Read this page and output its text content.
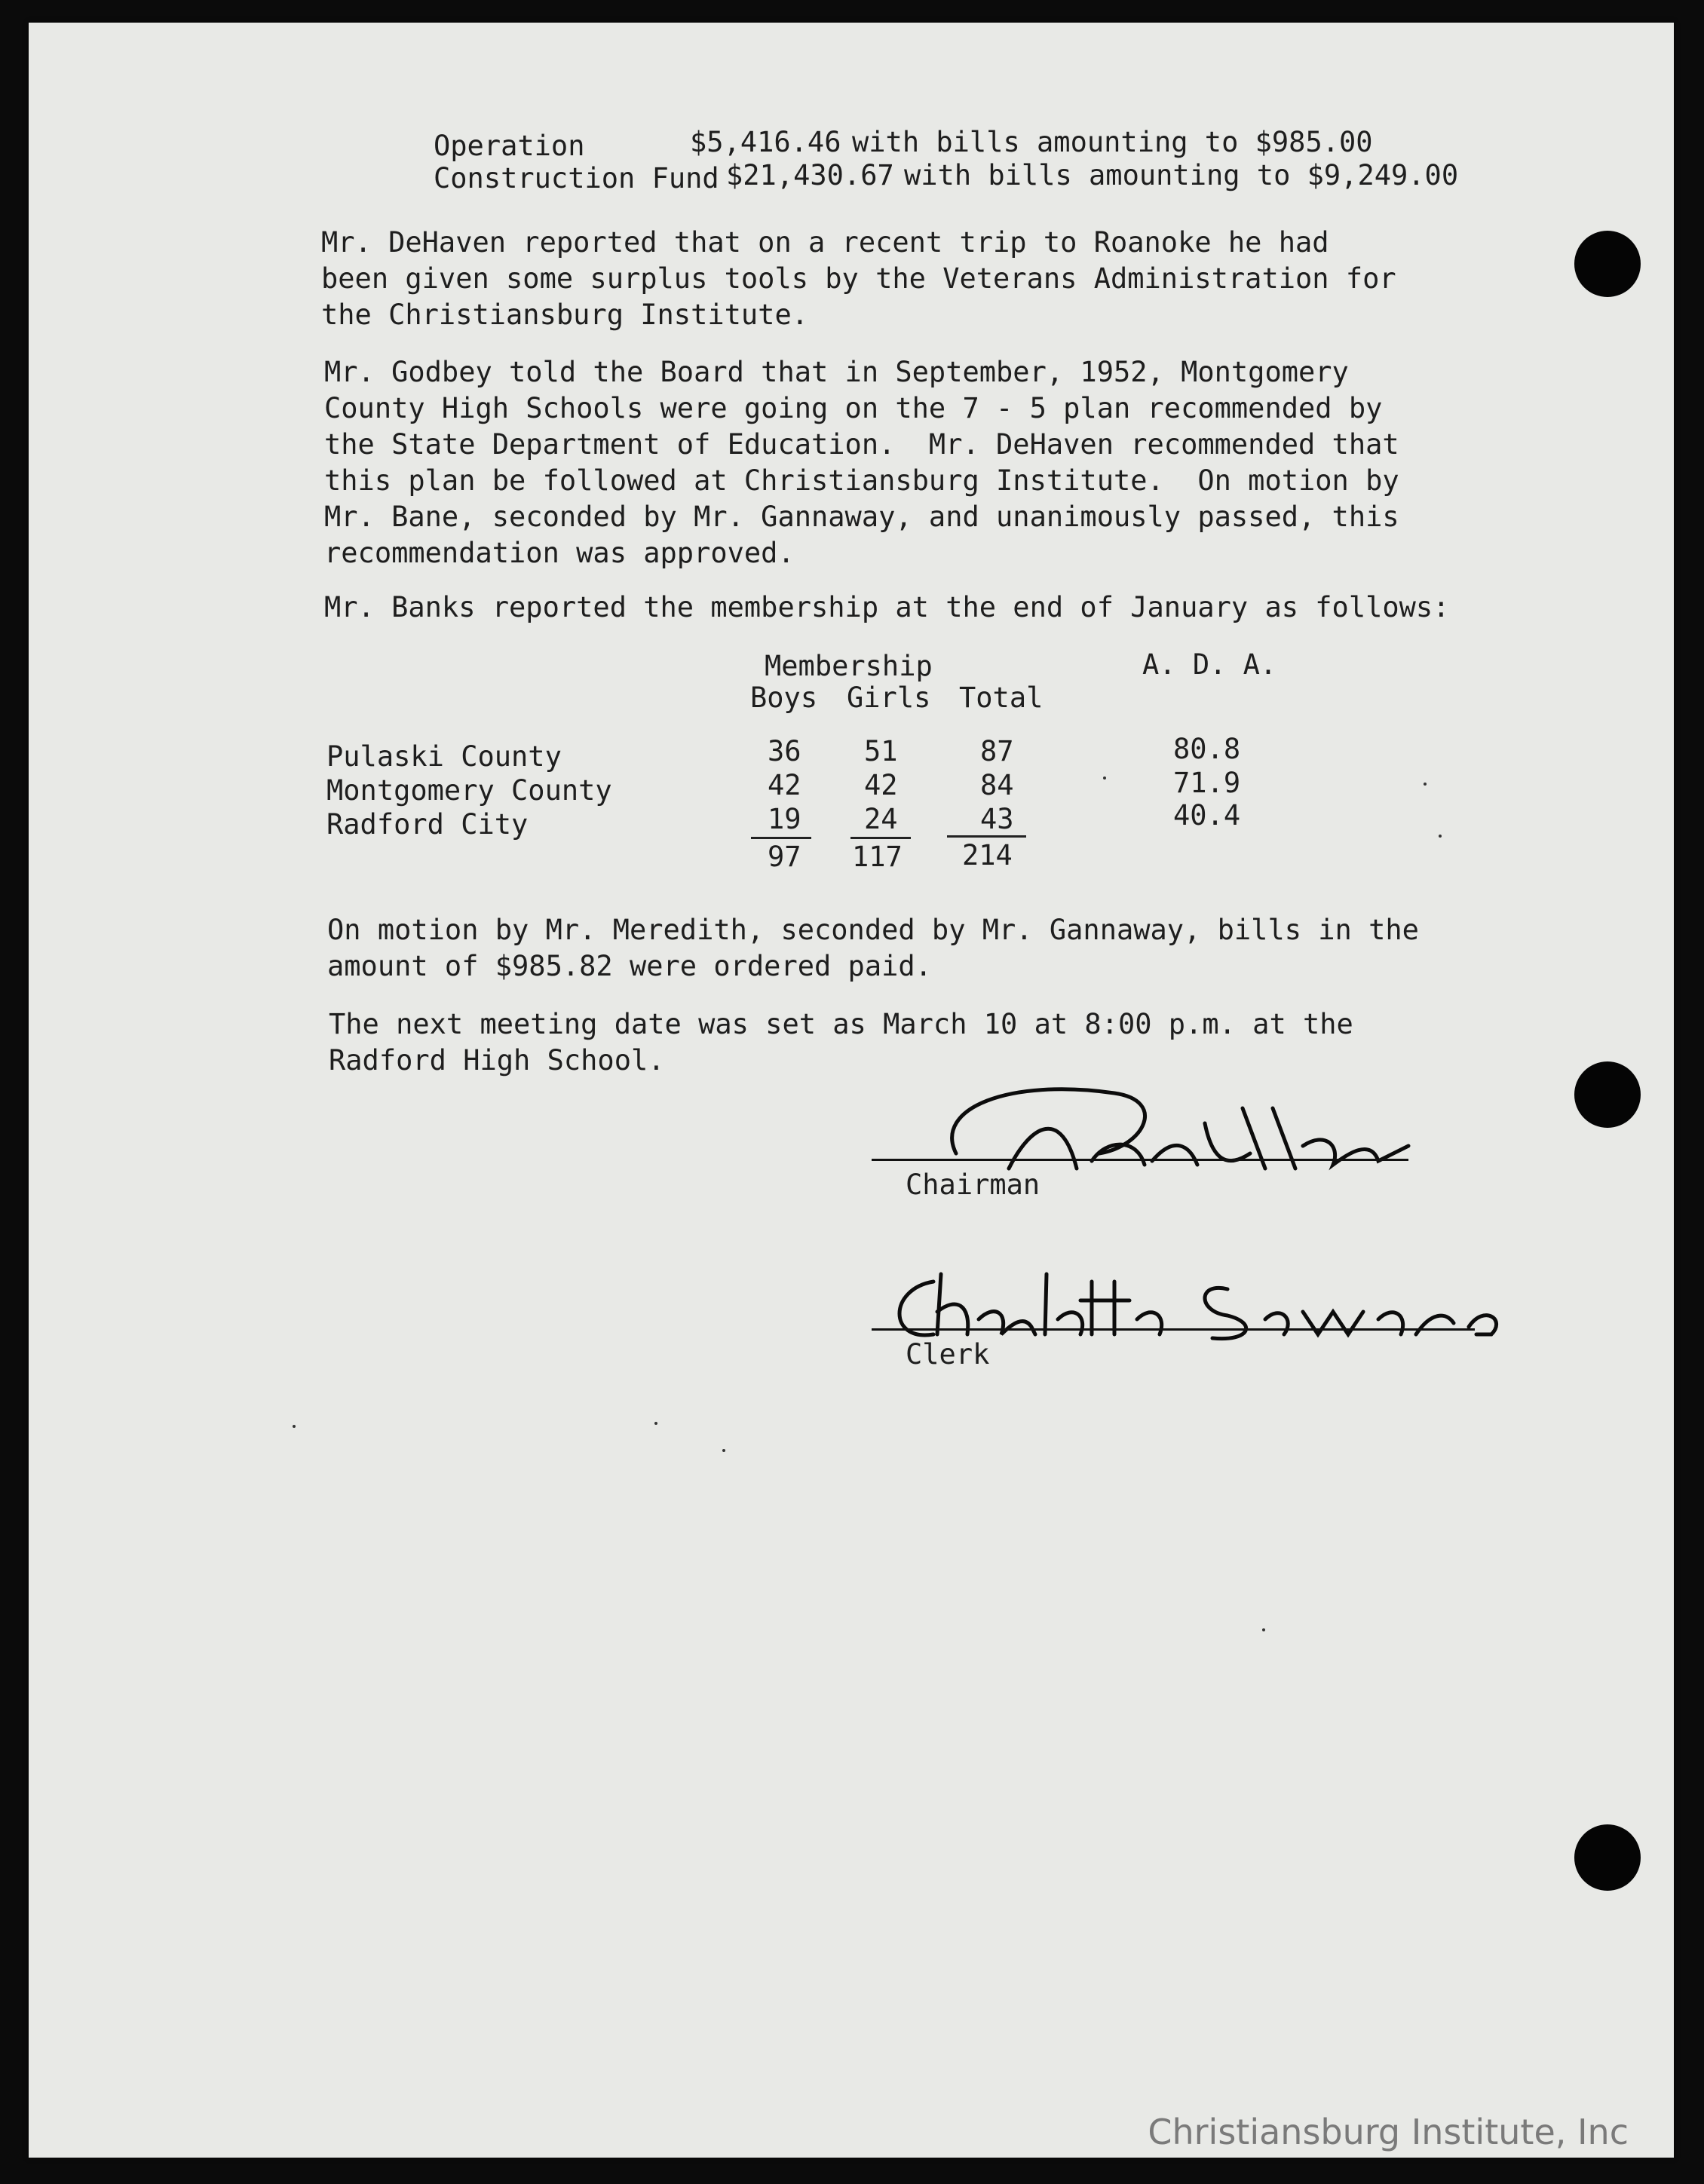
Operation	$5,416.46 with bills amounting to $985.00
Construction Fund $21,430.67 with bills amounting to $9,249.00
Mr. DeHaven reported that on a recent trip to Roanoke he had
been given some surplus tools by the Veterans Administration for
the Christiansburg Institute.
Mr. Godbey told the Board that in September, 1952, Montgomery
County High Schools were going on the 7 - 5 plan recommended by
the State Department of Education.  Mr. DeHaven recommended that
this plan be followed at Christiansburg Institute.  On motion by
Mr. Bane, seconded by Mr. Gannaway, and unanimously passed, this
recommendation was approved.
Mr. Banks reported the membership at the end of January as follows:
Membership	A. D. A.
Boys Girls Total
Pulaski County	36 51	87	80.8
Montgomery County	42 42	84	71.9
Radford City	19 24	43	40.4
97 117 214
On motion by Mr. Meredith, seconded by Mr. Gannaway, bills in the
amount of $985.82 were ordered paid.
The next meeting date was set as March 10 at 8:00 p.m. at the
Radford High School.
Chairman
Clerk
Christiansburg Institute, Inc
